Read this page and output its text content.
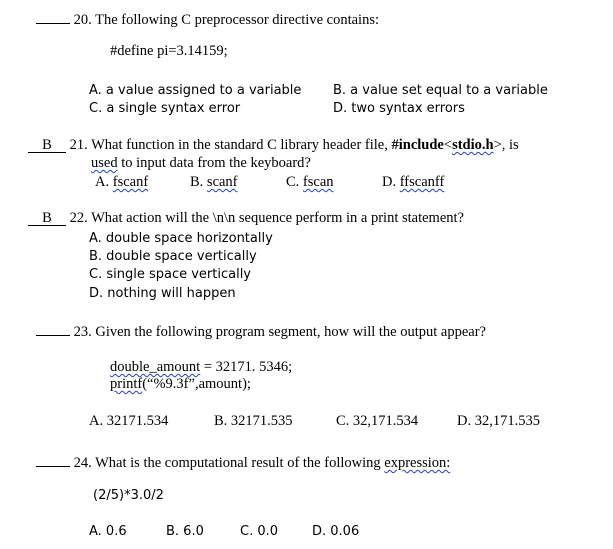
20. The following C preprocessor directive contains:
#define pi=3.14159;
A. a value assigned to a variable B. a value set equal to a variable
C. a single syntax error	D. two syntax errors
B 21. What function in the standard C library header file, #include<stdio.h>, is
used to input data from the keyboard?
A. fscanf	B. scanf	C. fscan	D. ffscanff
B 22. What action will the \n\n sequence perform in a print statement?
A. double space horizontally
B. double space vertically
C. single space vertically
D. nothing will happen
23. Given the following program segment, how will the output appear?
double_amount = 32171. 5346;
printf(“%9.3f”,amount);
A. 32171.534	B. 32171.535	C. 32,171.534	D. 32,171.535
24. What is the computational result of the following expression:
(2/5)*3.0/2
A. 0.6	B. 6.0	C. 0.0	D. 0.06
